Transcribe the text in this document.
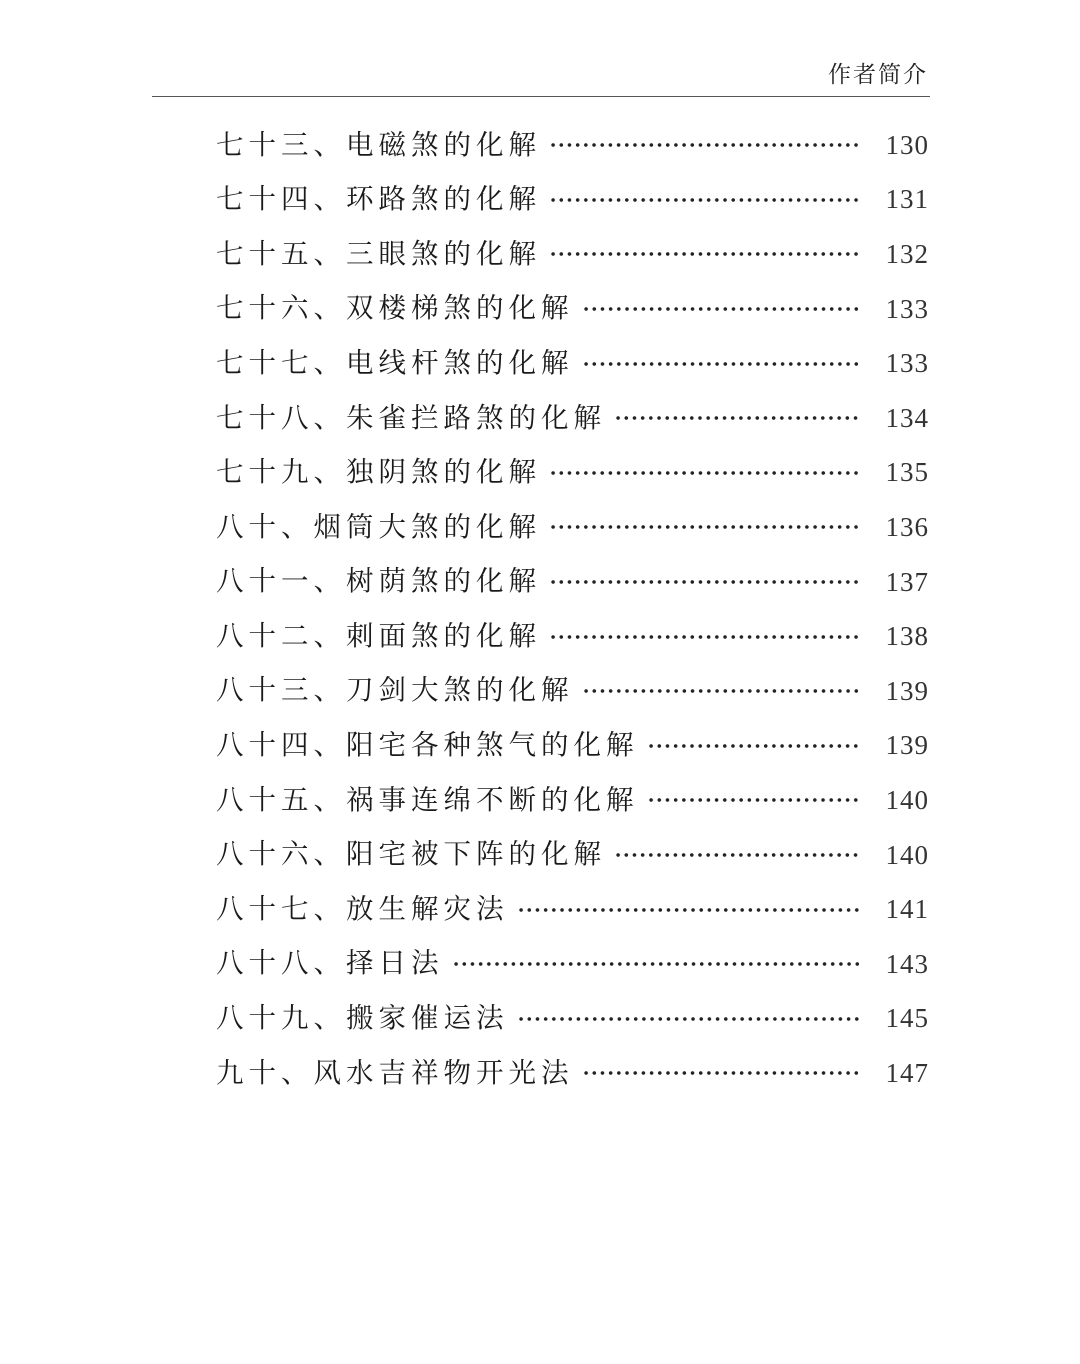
作者简介
七十三、电磁煞的化解	130
七十四、环路煞的化解	131
七十五、三眼煞的化解	132
七十六、双楼梯煞的化解	133
七十七、电线杆煞的化解	133
七十八、朱雀拦路煞的化解	134
七十九、独阴煞的化解	135
八十、烟筒大煞的化解	136
八十一、树荫煞的化解	137
八十二、刺面煞的化解	138
八十三、刀剑大煞的化解	139
八十四、阳宅各种煞气的化解	139
八十五、祸事连绵不断的化解	140
八十六、阳宅被下阵的化解	140
八十七、放生解灾法	141
八十八、择日法	143
八十九、搬家催运法	145
九十、风水吉祥物开光法	147
